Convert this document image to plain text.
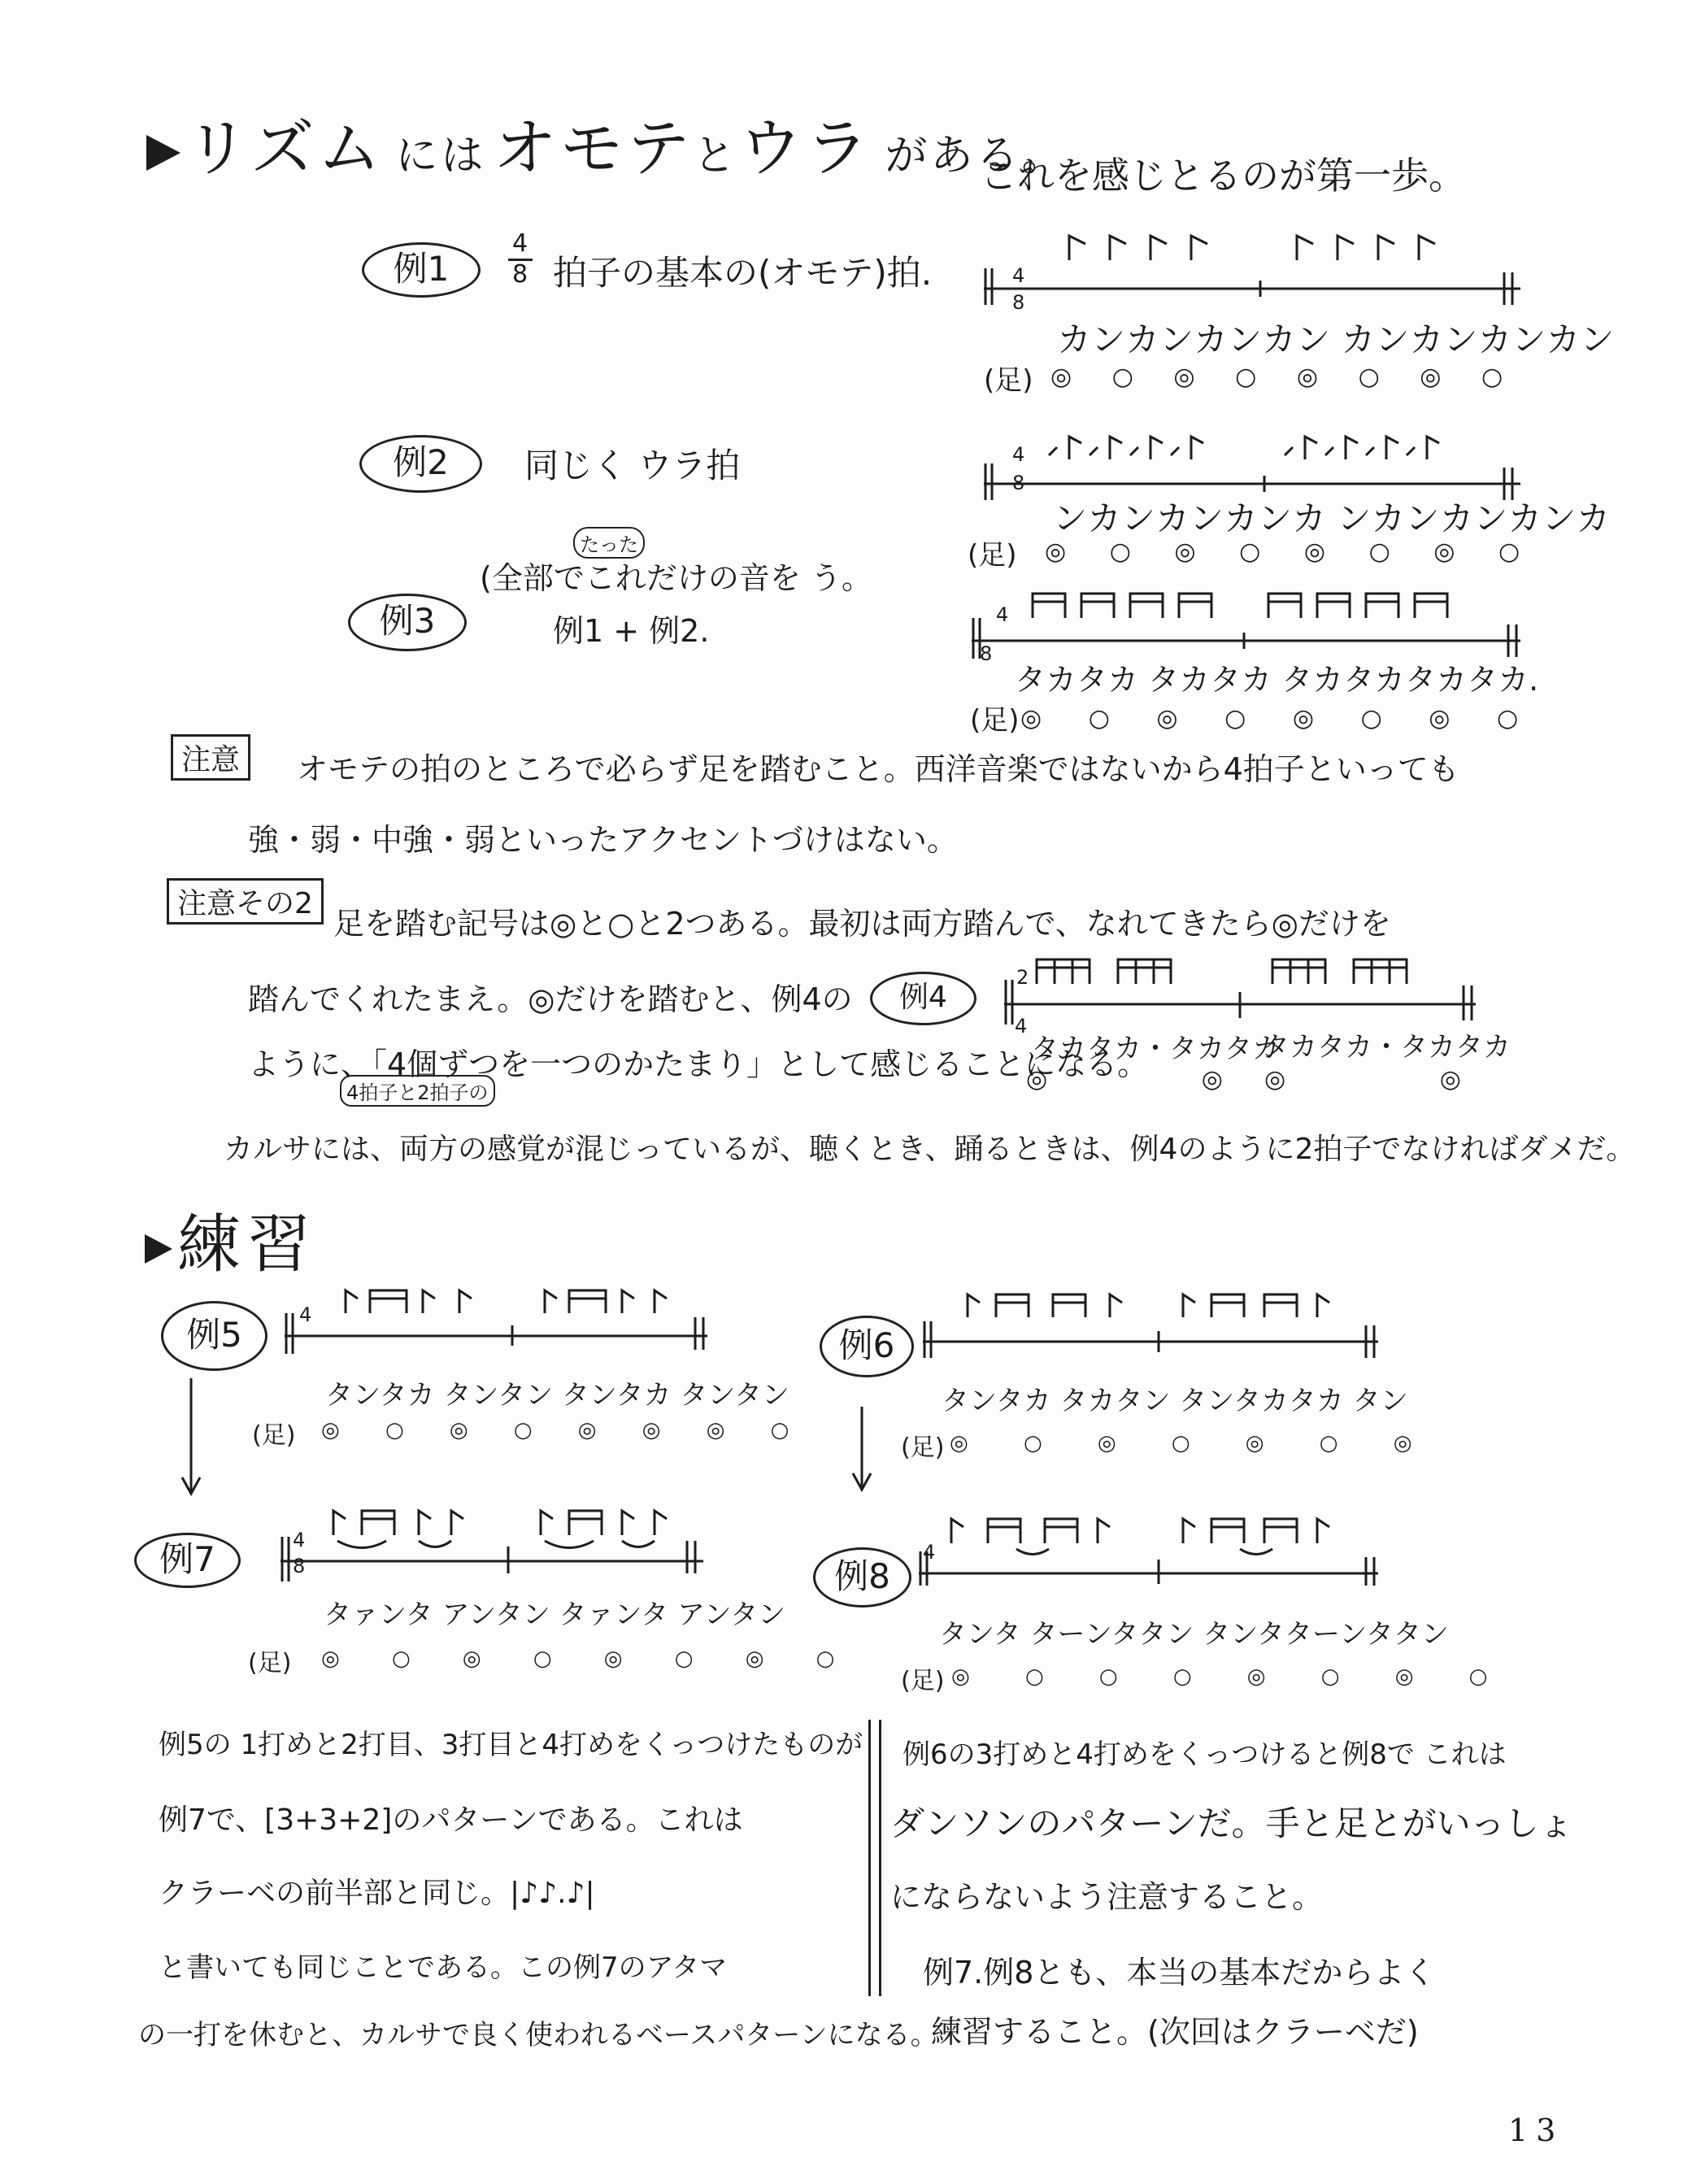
リズム には オモテとウラ がある。
これを感じとるのが第一歩。
例1
4
8 拍子の基本の(オモテ)拍.	4
8
カンカンカンカン カンカンカンカン
(足) ◎ ○ ◎ ○ ◎ ○ ◎ ○
例2	同じく ウラ拍	4
8
ンカンカンカンカ ンカンカンカンカ
(足) ◎ ○ ◎ ○ ◎ ○ ◎ ○
たった
(全部でこれだけの音を う。
例3	例1 + 例2.	4
8
タカタカ タカタカ タカタカタカタカ.
(足) ◎ ○ ◎ ○ ◎ ○ ◎ ○
注意	オモテの拍のところで必らず足を踏むこと。西洋音楽ではないから4拍子といっても
強・弱・中強・弱といったアクセントづけはない。
注意その2
足を踏む記号は◎と○と2つある。最初は両方踏んで、なれてきたら◎だけを
踏んでくれたまえ。◎だけを踏むと、例4の
4拍子と2拍子の
ように、「4個ずつを一つのかたまり」として感じることになる。
カルサには、両方の感覚が混じっているが、聴くとき、踊るときは、例4のように2拍子でなければダメだ。
例4
2
4
タカタカ・タカタカ
タカタカ・タカタカ
◎ ◎
◎ ◎
練習
例5	4
タンタカ タンタン タンタカ タンタン
(足) ◎ ○ ◎ ○ ◎ ◎ ◎ ○
例6
タンタカ タカタン タンタカタカ タン
(足) ◎ ○ ◎ ○ ◎ ○ ◎
例7	4
8
タァンタ アンタン タァンタ アンタン
(足) ◎ ○ ◎ ○ ◎ ○ ◎ ○
例8
4
タンタ ターンタタン タンタターンタタン
(足) ◎ ○ ○ ○ ◎ ○ ◎ ○
例5の 1打めと2打目、3打目と4打めをくっつけたものが
例7で、[3+3+2]のパターンである。これは
クラーベの前半部と同じ。|♪♪.♪|
と書いても同じことである。この例7のアタマ
の一打を休むと、カルサで良く使われるベースパターンになる。
例6の3打めと4打めをくっつけると例8で これは
ダンソンのパターンだ。手と足とがいっしょ
にならないよう注意すること。
例7.例8とも、本当の基本だからよく
練習すること。(次回はクラーベだ)
13
